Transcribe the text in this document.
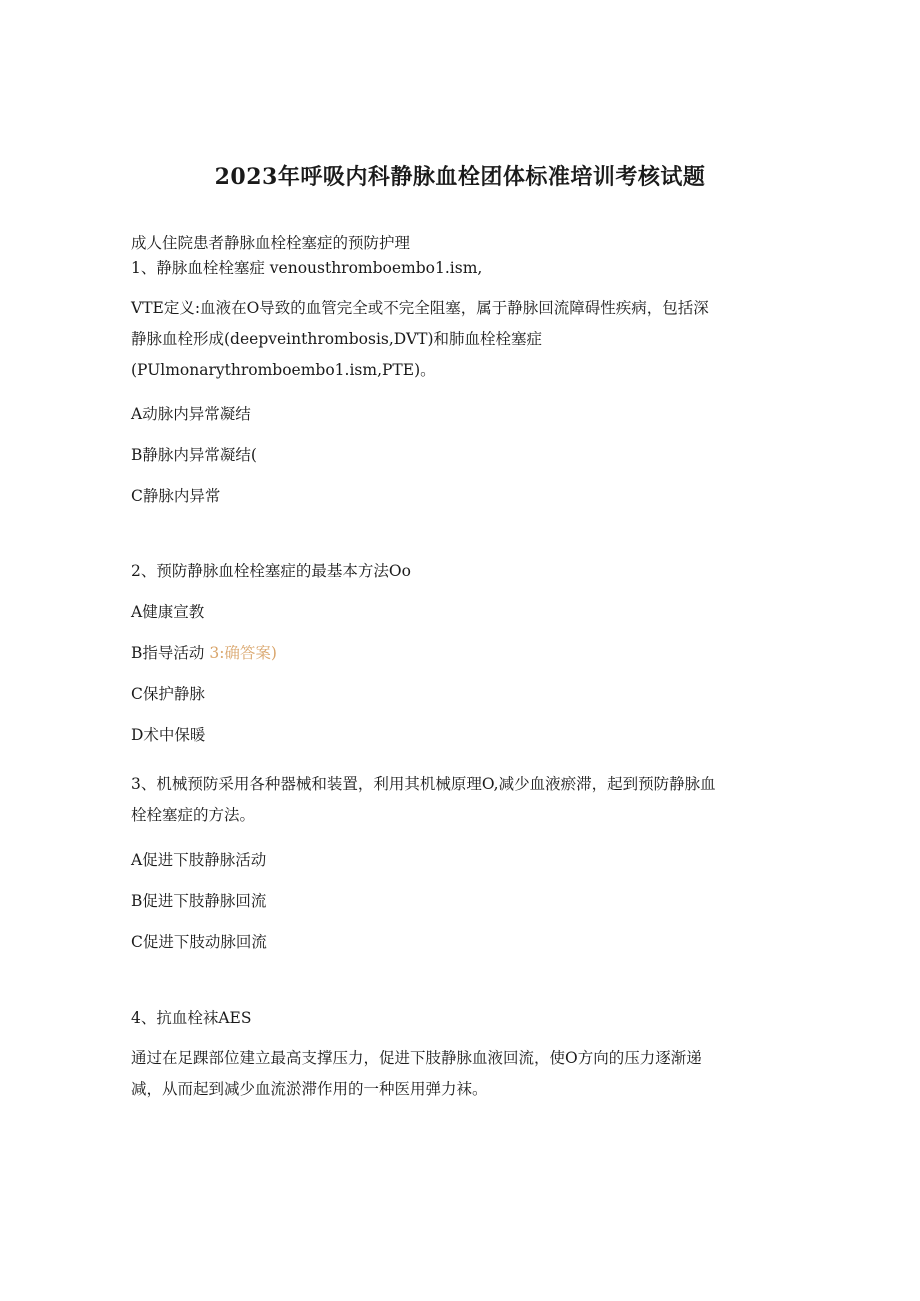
2023年呼吸内科静脉血栓团体标准培训考核试题
成人住院患者静脉血栓栓塞症的预防护理
1、静脉血栓栓塞症 venousthromboembo1.ism,
VTE定义:血液在O导致的血管完全或不完全阻塞，属于静脉回流障碍性疾病，包括深
静脉血栓形成(deepveinthrombosis,DVT)和肺血栓栓塞症
(PUlmonarythromboembo1.ism,PTE)。
A动脉内异常凝结
B静脉内异常凝结(
C静脉内异常
2、预防静脉血栓栓塞症的最基本方法Oo
A健康宣教
B指导活动 3:确答案)
C保护静脉
D术中保暖
3、机械预防采用各种器械和装置，利用其机械原理O,减少血液瘀滞，起到预防静脉血
栓栓塞症的方法。
A促进下肢静脉活动
B促进下肢静脉回流
C促进下肢动脉回流
4、抗血栓袜AES
通过在足踝部位建立最高支撑压力，促进下肢静脉血液回流，使O方向的压力逐渐递
减，从而起到减少血流淤滞作用的一种医用弹力袜。
